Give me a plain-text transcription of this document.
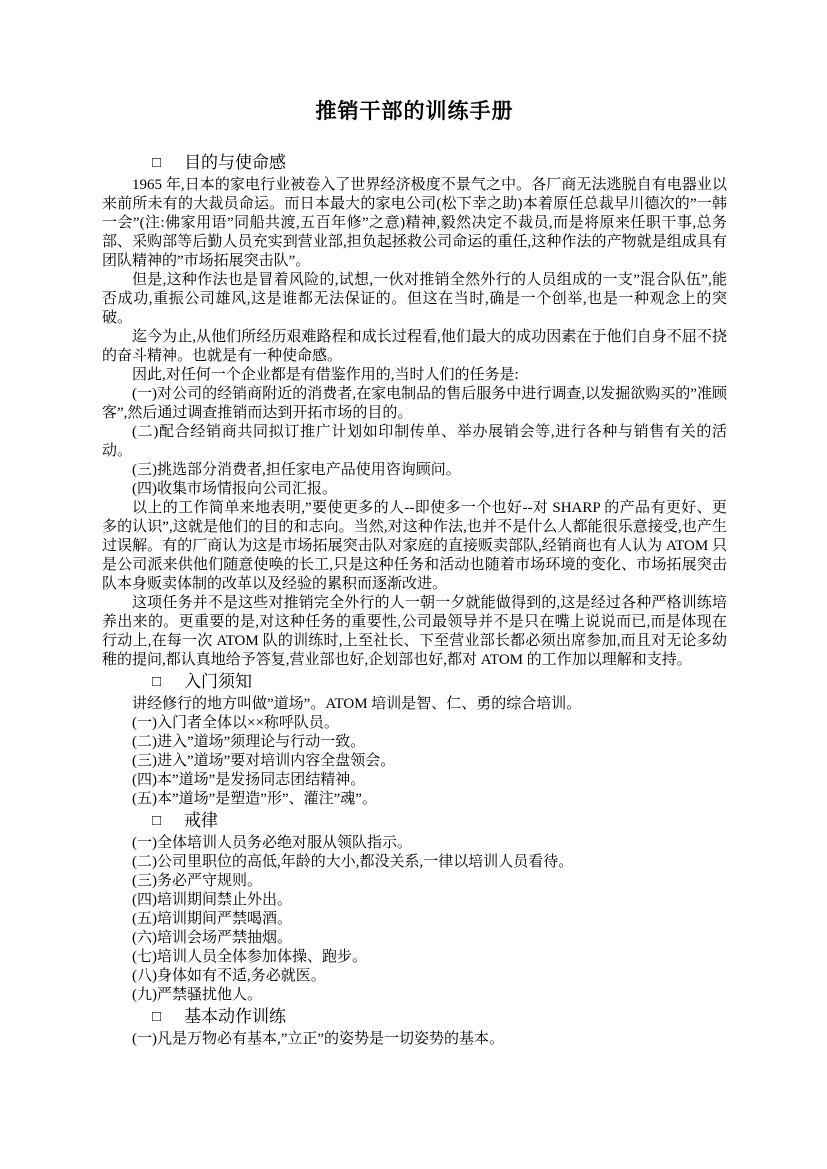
推销干部的训练手册
□ 目的与使命感

1965 年,日本的家电行业被卷入了世界经济极度不景气之中。各厂商无法逃脱自有电器业以来前所未有的大裁员命运。而日本最大的家电公司(松下幸之助)本着原任总裁早川德次的”一韩一会”(注:佛家用语”同船共渡,五百年修”之意)精神,毅然决定不裁员,而是将原来任职干事,总务部、采购部等后勤人员充实到营业部,担负起拯救公司命运的重任,这种作法的产物就是组成具有团队精神的”市场拓展突击队”。

但是,这种作法也是冒着风险的,试想,一伙对推销全然外行的人员组成的一支”混合队伍”,能否成功,重振公司雄风,这是谁都无法保证的。但这在当时,确是一个创举,也是一种观念上的突破。

迄今为止,从他们所经历艰难路程和成长过程看,他们最大的成功因素在于他们自身不屈不挠的奋斗精神。也就是有一种使命感。

因此,对任何一个企业都是有借鉴作用的,当时人们的任务是:

(一)对公司的经销商附近的消费者,在家电制品的售后服务中进行调查,以发掘欲购买的”准顾客”,然后通过调查推销而达到开拓市场的目的。

(二)配合经销商共同拟订推广计划如印制传单、举办展销会等,进行各种与销售有关的活动。

(三)挑选部分消费者,担任家电产品使用咨询顾问。

(四)收集市场情报向公司汇报。

以上的工作简单来地表明,”要使更多的人--即使多一个也好--对 SHARP 的产品有更好、更多的认识”,这就是他们的目的和志向。当然,对这种作法,也并不是什么人都能很乐意接受,也产生过误解。有的厂商认为这是市场拓展突击队对家庭的直接贩卖部队,经销商也有人认为 ATOM 只是公司派来供他们随意使唤的长工,只是这种任务和活动也随着市场环境的变化、市场拓展突击队本身贩卖体制的改革以及经验的累积而逐渐改进。

这项任务并不是这些对推销完全外行的人一朝一夕就能做得到的,这是经过各种严格训练培养出来的。更重要的是,对这种任务的重要性,公司最领导并不是只在嘴上说说而已,而是体现在行动上,在每一次 ATOM 队的训练时,上至社长、下至营业部长都必须出席参加,而且对无论多幼稚的提问,都认真地给予答复,营业部也好,企划部也好,都对 ATOM 的工作加以理解和支持。

□ 入门须知

讲经修行的地方叫做”道场”。ATOM 培训是智、仁、勇的综合培训。

(一)入门者全体以××称呼队员。

(二)进入”道场”须理论与行动一致。

(三)进入”道场”要对培训内容全盘领会。

(四)本”道场”是发扬同志团结精神。

(五)本”道场”是塑造”形”、灌注”魂”。

□ 戒律

(一)全体培训人员务必绝对服从领队指示。

(二)公司里职位的高低,年龄的大小,都没关系,一律以培训人员看待。

(三)务必严守规则。

(四)培训期间禁止外出。

(五)培训期间严禁喝酒。

(六)培训会场严禁抽烟。

(七)培训人员全体参加体操、跑步。

(八)身体如有不适,务必就医。

(九)严禁骚扰他人。

□ 基本动作训练

(一)凡是万物必有基本,”立正”的姿势是一切姿势的基本。
